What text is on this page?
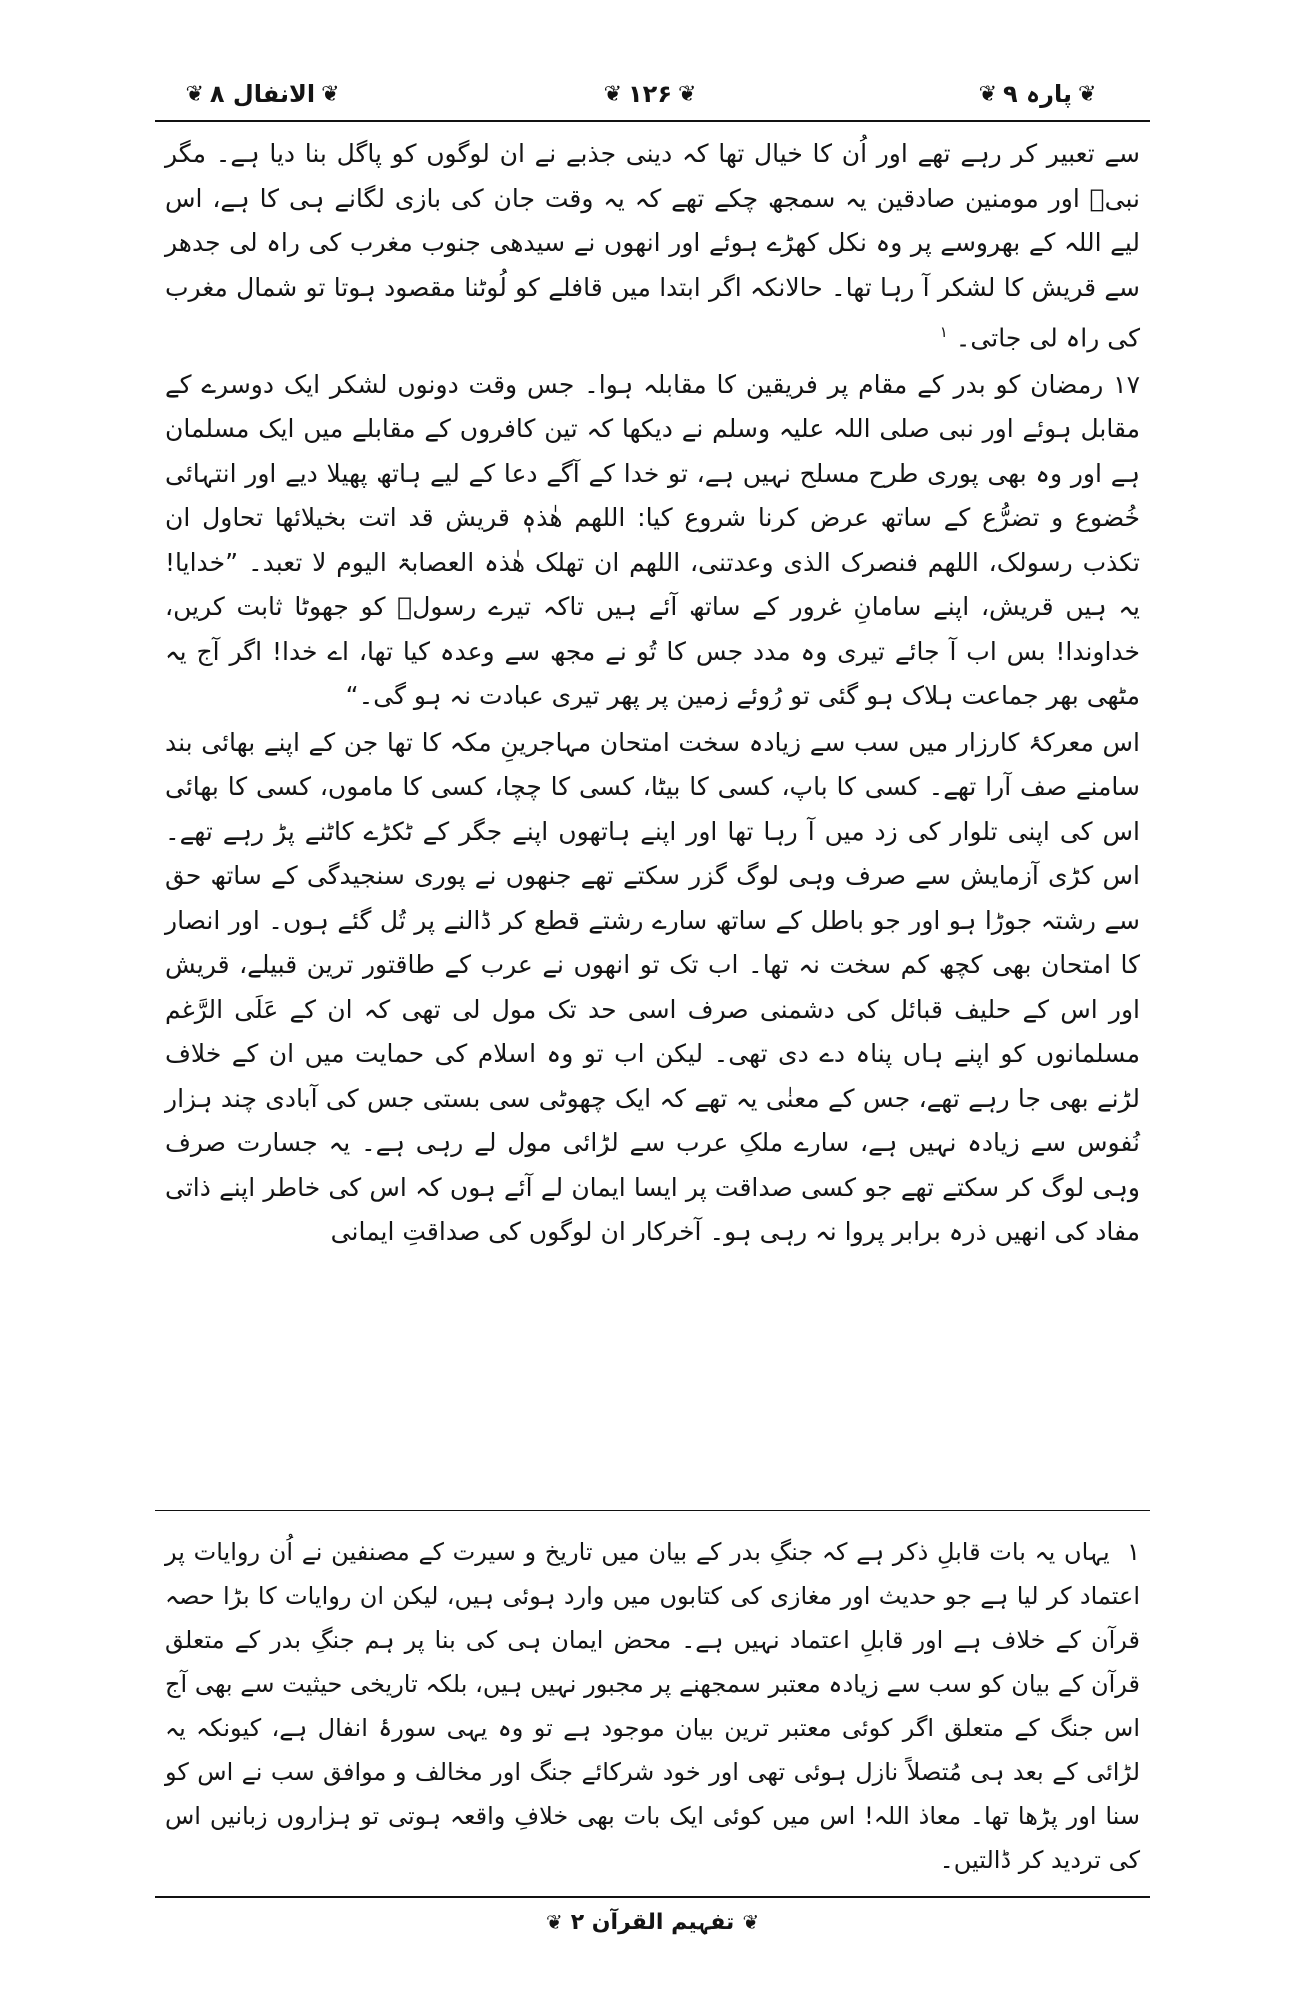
❦
پارہ ۹
❦
❦
۱۲۶
❦
❦
الانفال ۸
❦

سے تعبیر کر رہے تھے اور اُن کا خیال تھا کہ دینی جذبے نے ان لوگوں کو پاگل بنا دیا ہے۔ مگر نبیؐ اور مومنین صادقین یہ سمجھ چکے تھے کہ یہ وقت جان کی بازی لگانے ہی کا ہے، اس لیے اللہ کے بھروسے پر وہ نکل کھڑے ہوئے اور انھوں نے سیدھی جنوب مغرب کی راہ لی جدھر سے قریش کا لشکر آ رہا تھا۔ حالانکہ اگر ابتدا میں قافلے کو لُوٹنا مقصود ہوتا تو شمال مغرب کی راہ لی جاتی۔ $^۱$

۱۷ رمضان کو بدر کے مقام پر فریقین کا مقابلہ ہوا۔ جس وقت دونوں لشکر ایک دوسرے کے مقابل ہوئے اور نبی صلی اللہ علیہ وسلم نے دیکھا کہ تین کافروں کے مقابلے میں ایک مسلمان ہے اور وہ بھی پوری طرح مسلح نہیں ہے، تو خدا کے آگے دعا کے لیے ہاتھ پھیلا دیے اور انتہائی خُضوع و تضرُّع کے ساتھ عرض کرنا شروع کیا: اللھم ھٰذہٖ قریش قد اتت بخیلائھا تحاول ان تکذب رسولک، اللھم فنصرک الذی وعدتنی، اللھم ان تھلک ھٰذہ العصابۃ الیوم لا تعبد۔ ”خدایا! یہ ہیں قریش، اپنے سامانِ غرور کے ساتھ آئے ہیں تاکہ تیرے رسولؐ کو جھوٹا ثابت کریں، خداوندا! بس اب آ جائے تیری وہ مدد جس کا تُو نے مجھ سے وعدہ کیا تھا، اے خدا! اگر آج یہ مٹھی بھر جماعت ہلاک ہو گئی تو رُوئے زمین پر پھر تیری عبادت نہ ہو گی۔“

اس معرکۂ کارزار میں سب سے زیادہ سخت امتحان مہاجرینِ مکہ کا تھا جن کے اپنے بھائی بند سامنے صف آرا تھے۔ کسی کا باپ، کسی کا بیٹا، کسی کا چچا، کسی کا ماموں، کسی کا بھائی اس کی اپنی تلوار کی زد میں آ رہا تھا اور اپنے ہاتھوں اپنے جگر کے ٹکڑے کاٹنے پڑ رہے تھے۔ اس کڑی آزمایش سے صرف وہی لوگ گزر سکتے تھے جنھوں نے پوری سنجیدگی کے ساتھ حق سے رشتہ جوڑا ہو اور جو باطل کے ساتھ سارے رشتے قطع کر ڈالنے پر تُل گئے ہوں۔ اور انصار کا امتحان بھی کچھ کم سخت نہ تھا۔ اب تک تو انھوں نے عرب کے طاقتور ترین قبیلے، قریش اور اس کے حلیف قبائل کی دشمنی صرف اسی حد تک مول لی تھی کہ ان کے عَلَی الرَّغم مسلمانوں کو اپنے ہاں پناہ دے دی تھی۔ لیکن اب تو وہ اسلام کی حمایت میں ان کے خلاف لڑنے بھی جا رہے تھے، جس کے معنٰی یہ تھے کہ ایک چھوٹی سی بستی جس کی آبادی چند ہزار نُفوس سے زیادہ نہیں ہے، سارے ملکِ عرب سے لڑائی مول لے رہی ہے۔ یہ جسارت صرف وہی لوگ کر سکتے تھے جو کسی صداقت پر ایسا ایمان لے آئے ہوں کہ اس کی خاطر اپنے ذاتی مفاد کی انھیں ذرہ برابر پروا نہ رہی ہو۔ آخرکار ان لوگوں کی صداقتِ ایمانی

۱  یہاں یہ بات قابلِ ذکر ہے کہ جنگِ بدر کے بیان میں تاریخ و سیرت کے مصنفین نے اُن روایات پر اعتماد کر لیا ہے جو حدیث اور مغازی کی کتابوں میں وارد ہوئی ہیں، لیکن ان روایات کا بڑا حصہ قرآن کے خلاف ہے اور قابلِ اعتماد نہیں ہے۔ محض ایمان ہی کی بنا پر ہم جنگِ بدر کے متعلق قرآن کے بیان کو سب سے زیادہ معتبر سمجھنے پر مجبور نہیں ہیں، بلکہ تاریخی حیثیت سے بھی آج اس جنگ کے متعلق اگر کوئی معتبر ترین بیان موجود ہے تو وہ یہی سورۂ انفال ہے، کیونکہ یہ لڑائی کے بعد ہی مُتصلاً نازل ہوئی تھی اور خود شرکائے جنگ اور مخالف و موافق سب نے اس کو سنا اور پڑھا تھا۔ معاذ اللہ! اس میں کوئی ایک بات بھی خلافِ واقعہ ہوتی تو ہزاروں زبانیں اس کی تردید کر ڈالتیں۔

❦
تفہیم القرآن ۲
❦
